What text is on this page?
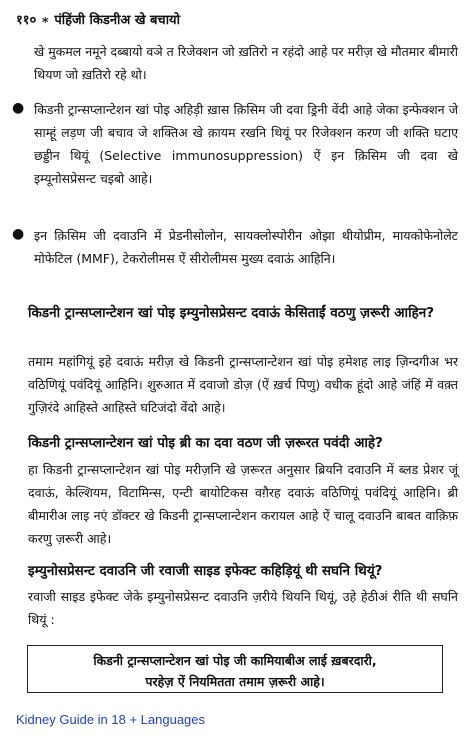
११० ∗ पंहिंजी किडनीअ खे बचायो
खे मुकमल नमूने दब्बायो वञे त रिजेक्शन जो ख़तिरो न रहंदो आहे पर मरीज़ खे मौतमार बीमारी थियण जो ख़तिरो रहे थो।
● किडनी ट्रान्सप्लान्टेशन खां पोइ अहिड़ी ख़ास क़िसिम जी दवा ड्रिनी वेंदी आहे जेका इन्फेक्शन जे साम्हूं लड़ण जी बचाव जे शक्तिअ खे क़ायम रखनि थियूं पर रिजेक्शन करण जी शक्ति घटाए छड्डीन थियूं (Selective immunosuppression) ऐं इन क़िसिम जी दवा खे इम्यूनोसप्रेसन्ट चइबो आहे।
● इन क़िसिम जी दवाउनि में प्रेडनीसोलोन, सायक्लोस्पोरीन ओझा थीयोप्रीम, मायकोफेनोलेट मोफेटिल (MMF), टेकरोलीमस ऐं सीरोलीमस मुख्य दवाऊं आहिनि।
किडनी ट्रान्सप्लान्टेशन खां पोइ इम्युनोसप्रेसन्ट दवाऊं केसिताईं वठणु ज़रूरी आहिन?
तमाम महांगियूं इहे दवाऊं मरीज़ खे किडनी ट्रान्सप्लान्टेशन खां पोइ हमेशह लाइ ज़िन्दगीअ भर वठिणियूं पवंदियूं आहिनि। शुरुआत में दवाजो डोज़ (ऐं ख़र्च पिणु) वधीक हूंदो आहे जंहिं में वक़्त गुज़िरंदे आहिस्ते आहिस्ते घटिजंदो वेंदो आहे।
किडनी ट्रान्सप्लान्टेशन खां पोइ ब्री का दवा वठण जी ज़रूरत पवंदी आहे?
हा किडनी ट्रान्सप्लान्टेशन खां पोइ मरीज़नि खे ज़रूरत अनुसार ब्रियनि दवाउनि में ब्लड प्रेशर जूं दवाऊं, केल्शियम, विटामिन्स, एन्टी बायोटिकस वग़ैरह दवाऊं वठिणियूं पवंदियूं आहिनि। ब्री बीमारीअ लाइ नएं डॉक्टर खे किडनी ट्रान्सप्लान्टेशन करायल आहे ऐं चालू दवाउनि बाबत वाक़िफ़ करणु ज़रूरी आहे।
इम्युनोसप्रेसन्ट दवाउनि जी रवाजी साइड इफेक्ट कहिड़ियूं थी सघनि थियूं?
रवाजी साइड इफेक्ट जेके इम्युनोसप्रेसन्ट दवाउनि ज़रीये थियनि थियूं, उहे हेठीअं रीति थी सघनि थियूं :
किडनी ट्रान्सप्लान्टेशन खां पोइ जी कामियाबीअ लाई ख़बरदारी,
परहेज़ ऐं नियमितता तमाम ज़रूरी आहे।
Kidney Guide in 18 + Languages
